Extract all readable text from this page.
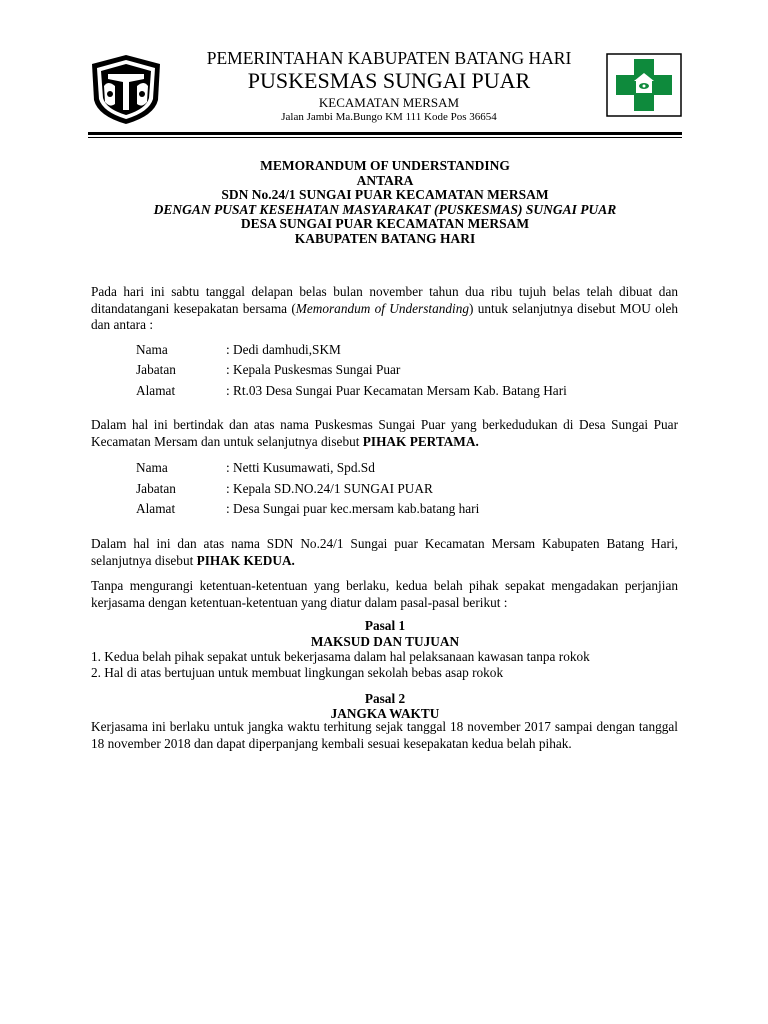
PEMERINTAHAN KABUPATEN BATANG HARI
PUSKESMAS SUNGAI PUAR
KECAMATAN MERSAM
Jalan Jambi Ma.Bungo KM 111 Kode Pos 36654
MEMORANDUM OF UNDERSTANDING
ANTARA
SDN No.24/1 SUNGAI PUAR KECAMATAN MERSAM
DENGAN PUSAT KESEHATAN MASYARAKAT (PUSKESMAS) SUNGAI PUAR
DESA SUNGAI PUAR KECAMATAN MERSAM
KABUPATEN BATANG HARI
Pada hari ini sabtu tanggal delapan belas bulan november tahun dua ribu tujuh belas telah dibuat dan ditandatangani kesepakatan bersama (Memorandum of Understanding) untuk selanjutnya disebut MOU oleh dan antara :
Nama	: Dedi damhudi,SKM
Jabatan	: Kepala Puskesmas Sungai Puar
Alamat	: Rt.03 Desa Sungai Puar Kecamatan Mersam Kab. Batang Hari
Dalam hal ini bertindak dan atas nama Puskesmas Sungai Puar yang berkedudukan di Desa Sungai Puar Kecamatan Mersam dan untuk selanjutnya disebut PIHAK PERTAMA.
Nama	: Netti Kusumawati, Spd.Sd
Jabatan	: Kepala SD.NO.24/1 SUNGAI PUAR
Alamat	: Desa Sungai puar kec.mersam kab.batang hari
Dalam hal ini dan atas nama SDN No.24/1 Sungai puar Kecamatan Mersam Kabupaten Batang Hari, selanjutnya disebut PIHAK KEDUA.
Tanpa mengurangi ketentuan-ketentuan yang berlaku, kedua belah pihak sepakat mengadakan perjanjian kerjasama dengan ketentuan-ketentuan yang diatur dalam pasal-pasal berikut :
Pasal 1
MAKSUD DAN TUJUAN
1. Kedua belah pihak sepakat untuk bekerjasama dalam hal pelaksanaan kawasan tanpa rokok
2. Hal di atas bertujuan untuk membuat lingkungan sekolah bebas asap rokok
Pasal 2
JANGKA WAKTU
Kerjasama ini berlaku untuk jangka waktu terhitung sejak tanggal 18 november 2017 sampai dengan tanggal 18 november 2018 dan dapat diperpanjang kembali sesuai kesepakatan kedua belah pihak.
